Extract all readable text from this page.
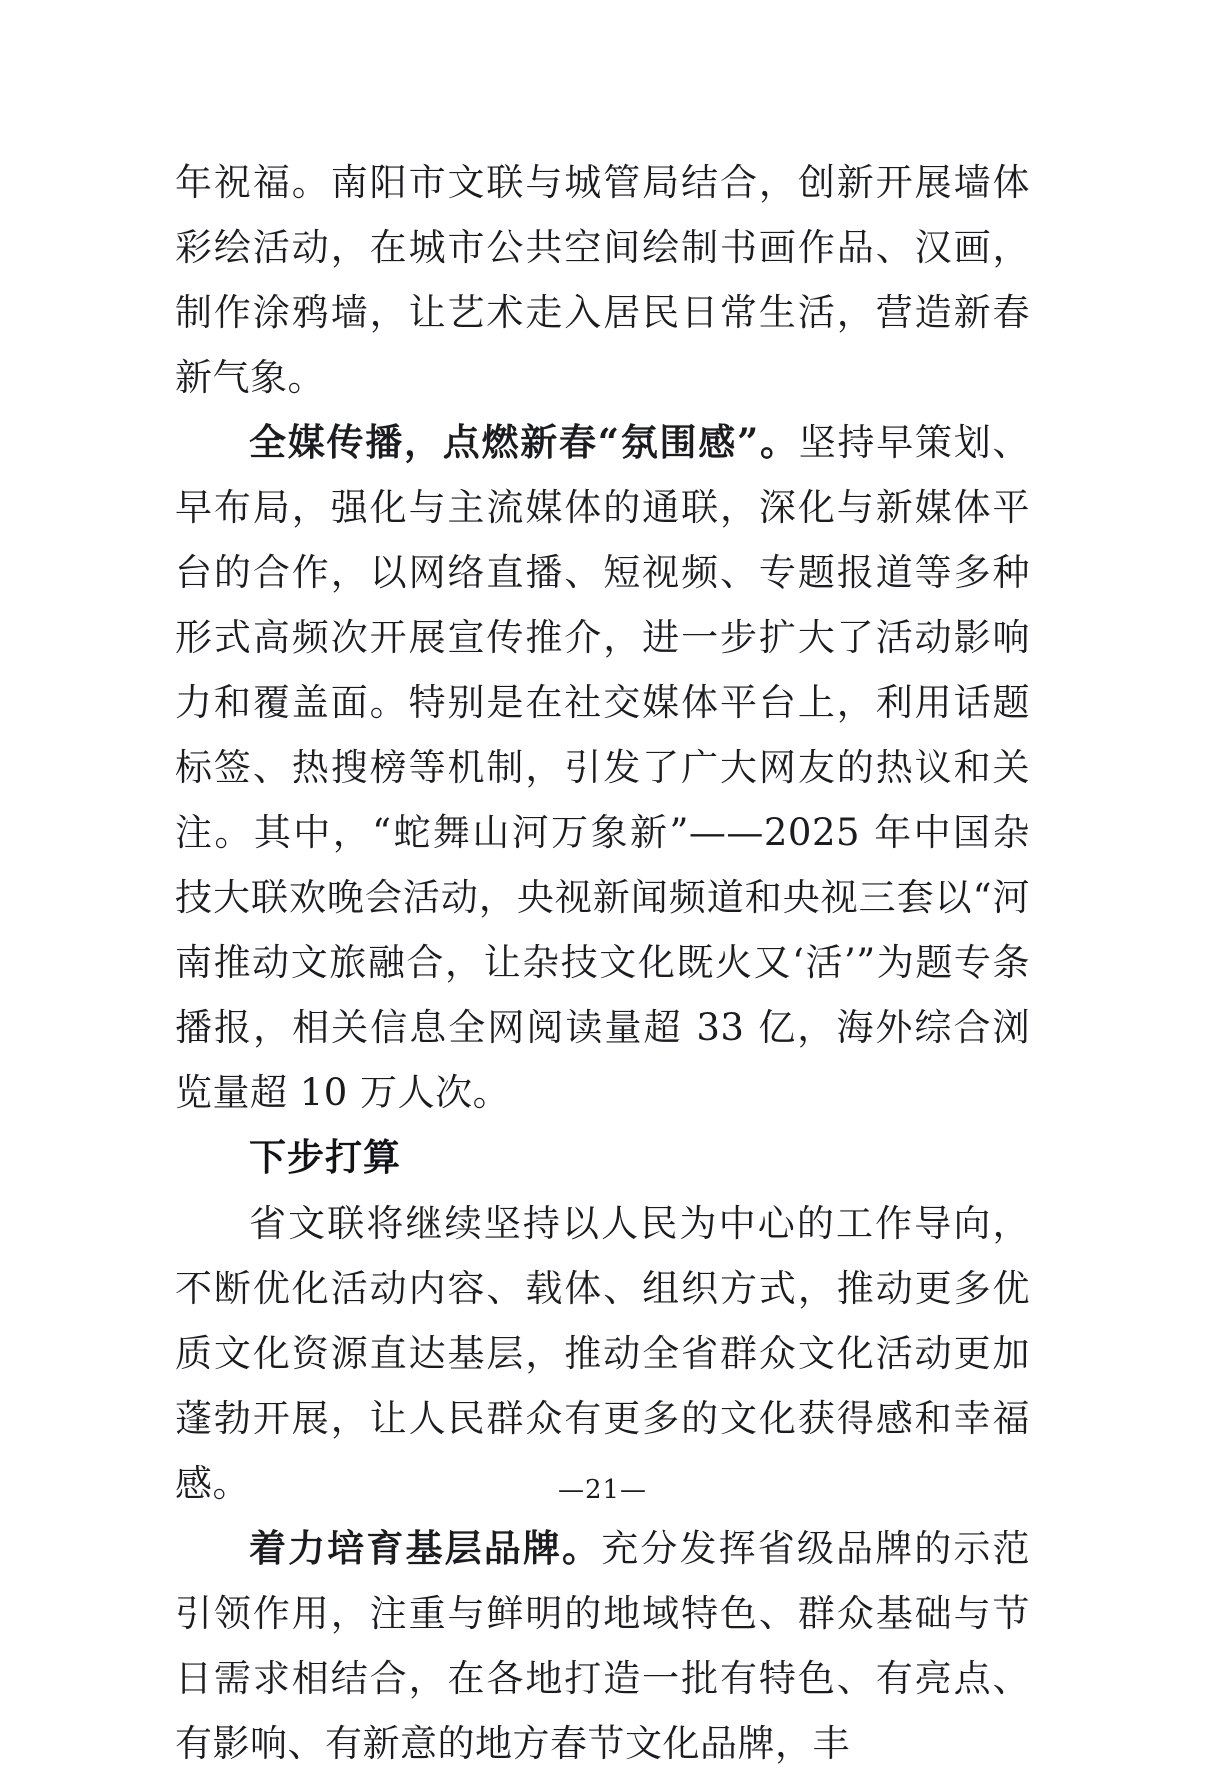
年祝福。南阳市文联与城管局结合，创新开展墙体彩绘活动，在城市公共空间绘制书画作品、汉画，制作涂鸦墙，让艺术走入居民日常生活，营造新春新气象。

全媒传播，点燃新春“氛围感”。坚持早策划、早布局，强化与主流媒体的通联，深化与新媒体平台的合作，以网络直播、短视频、专题报道等多种形式高频次开展宣传推介，进一步扩大了活动影响力和覆盖面。特别是在社交媒体平台上，利用话题标签、热搜榜等机制，引发了广大网友的热议和关注。其中，“蛇舞山河万象新”——2025 年中国杂技大联欢晚会活动，央视新闻频道和央视三套以“河南推动文旅融合，让杂技文化既火又‘活’”为题专条播报，相关信息全网阅读量超 33 亿，海外综合浏览量超 10 万人次。

下步打算

省文联将继续坚持以人民为中心的工作导向，不断优化活动内容、载体、组织方式，推动更多优质文化资源直达基层，推动全省群众文化活动更加蓬勃开展，让人民群众有更多的文化获得感和幸福感。

着力培育基层品牌。充分发挥省级品牌的示范引领作用，注重与鲜明的地域特色、群众基础与节日需求相结合，在各地打造一批有特色、有亮点、有影响、有新意的地方春节文化品牌，丰

—21—
